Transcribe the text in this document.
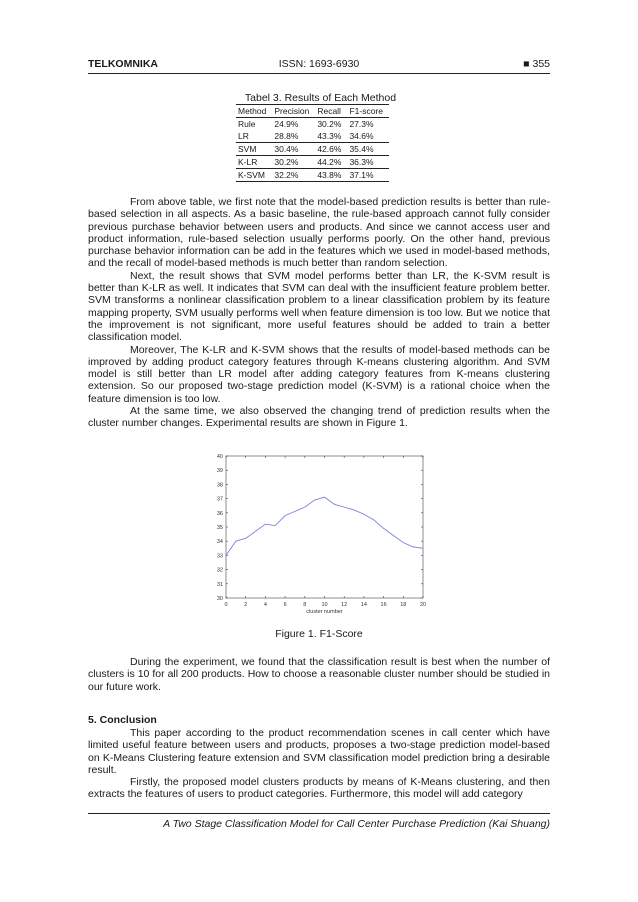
TELKOMNIKA	ISSN: 1693-6930	■ 355
Tabel 3. Results of Each Method
Method	Precision	Recall	F1-score
Rule	24.9%	30.2%	27.3%
LR	28.8%	43.3%	34.6%
SVM	30.4%	42.6%	35.4%
K-LR	30.2%	44.2%	36.3%
K-SVM	32.2%	43.8%	37.1%

From above table, we first note that the model-based prediction results is better than rule-based selection in all aspects. As a basic baseline, the rule-based approach cannot fully consider previous purchase behavior between users and products. And since we cannot access user and product information, rule-based selection usually performs poorly. On the other hand, previous purchase behavior information can be add in the features which we used in model-based methods, and the recall of model-based methods is much better than random selection.

Next, the result shows that SVM model performs better than LR, the K-SVM result is better than K-LR as well. It indicates that SVM can deal with the insufficient feature problem better. SVM transforms a nonlinear classification problem to a linear classification problem by its feature mapping property, SVM usually performs well when feature dimension is too low. But we notice that the improvement is not significant, more useful features should be added to train a better classification model.

Moreover, The K-LR and K-SVM shows that the results of model-based methods can be improved by adding product category features through K-means clustering algorithm. And SVM model is still better than LR model after adding category features from K-means clustering extension. So our proposed two-stage prediction model (K-SVM) is a rational choice when the feature dimension is too low.

At the same time, we also observed the changing trend of prediction results when the cluster number changes. Experimental results are shown in Figure 1.

30
31
32
33
34
35
36
37
38
39
40
0	2	4	6	8	10 12 14 16 18 20
cluster number
Figure 1. F1-Score

During the experiment, we found that the classification result is best when the number of clusters is 10 for all 200 products. How to choose a reasonable cluster number should be studied in our future work.

5. Conclusion

This paper according to the product recommendation scenes in call center which have limited useful feature between users and products, proposes a two-stage prediction model-based on K-Means Clustering feature extension and SVM classification model prediction bring a desirable result.

Firstly, the proposed model clusters products by means of K-Means clustering, and then extracts the features of users to product categories. Furthermore, this model will add category

A Two Stage Classification Model for Call Center Purchase Prediction (Kai Shuang)
